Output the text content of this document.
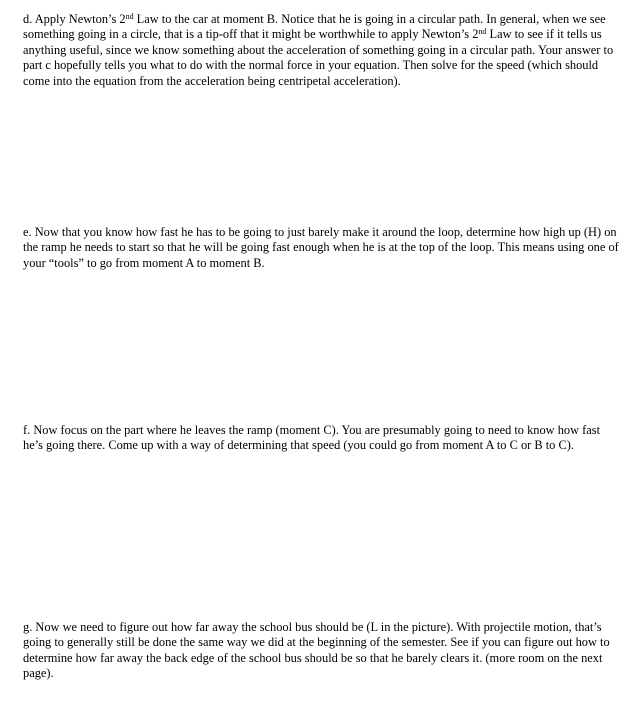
d. Apply Newton’s 2nd Law to the car at moment B. Notice that he is going in a circular path. In general, when we see something going in a circle, that is a tip-off that it might be worthwhile to apply Newton’s 2nd Law to see if it tells us anything useful, since we know something about the acceleration of something going in a circular path. Your answer to part c hopefully tells you what to do with the normal force in your equation. Then solve for the speed (which should come into the equation from the acceleration being centripetal acceleration).

e. Now that you know how fast he has to be going to just barely make it around the loop, determine how high up (H) on the ramp he needs to start so that he will be going fast enough when he is at the top of the loop. This means using one of your “tools” to go from moment A to moment B.

f. Now focus on the part where he leaves the ramp (moment C). You are presumably going to need to know how fast he’s going there. Come up with a way of determining that speed (you could go from moment A to C or B to C).

g. Now we need to figure out how far away the school bus should be (L in the picture). With projectile motion, that’s going to generally still be done the same way we did at the beginning of the semester. See if you can figure out how to determine how far away the back edge of the school bus should be so that he barely clears it. (more room on the next page).
